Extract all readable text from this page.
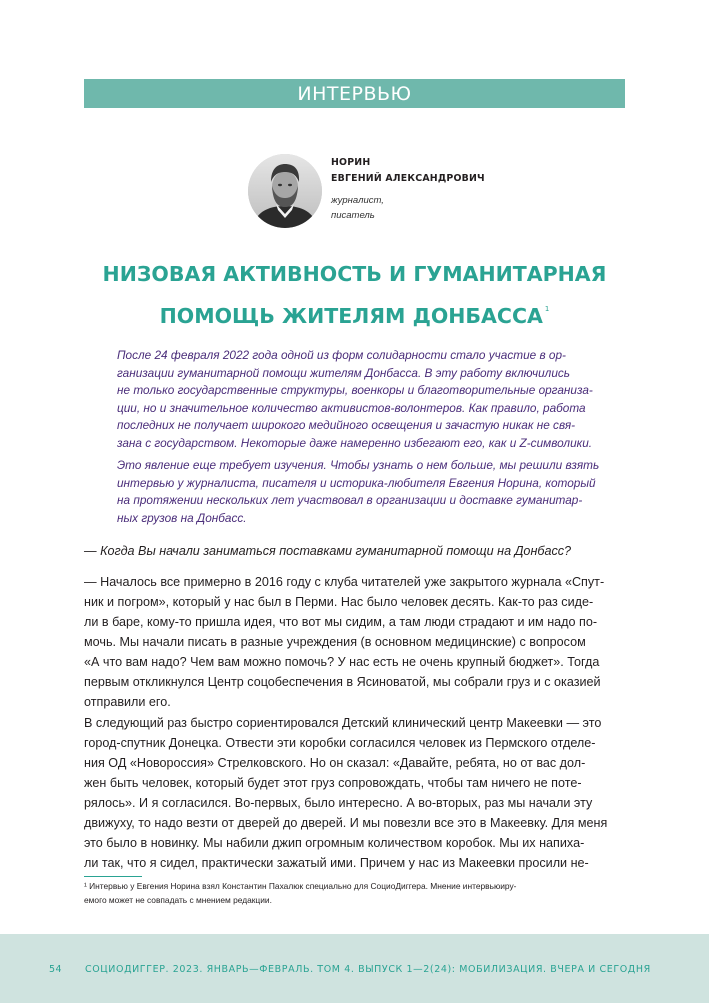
ИНТЕРВЬЮ
НОРИН
ЕВГЕНИЙ АЛЕКСАНДРОВИЧ
журналист,
писатель
НИЗОВАЯ АКТИВНОСТЬ И ГУМАНИТАРНАЯ
ПОМОЩЬ ЖИТЕЛЯМ ДОНБАССА $^1$
После 24 февраля 2022 года одной из форм солидарности стало участие в ор-
ганизации гуманитарной помощи жителям Донбасса. В эту работу включились
не только государственные структуры, военкоры и благотворительные организа-
ции, но и значительное количество активистов-волонтеров. Как правило, работа
последних не получает широкого медийного освещения и зачастую никак не свя-
зана с государством. Некоторые даже намеренно избегают его, как и Z-символики.
Это явление еще требует изучения. Чтобы узнать о нем больше, мы решили взять
интервью у журналиста, писателя и историка-любителя Евгения Норина, который
на протяжении нескольких лет участвовал в организации и доставке гуманитар-
ных грузов на Донбасс.

— Когда Вы начали заниматься поставками гуманитарной помощи на Донбасс?

— Началось все примерно в 2016 году с клуба читателей уже закрытого журнала «Спут-
ник и погром», который у нас был в Перми. Нас было человек десять. Как-то раз сиде-
ли в баре, кому-то пришла идея, что вот мы сидим, а там люди страдают и им надо по-
мочь. Мы начали писать в разные учреждения (в основном медицинские) с вопросом
«А что вам надо? Чем вам можно помочь? У нас есть не очень крупный бюджет». Тогда
первым откликнулся Центр соцобеспечения в Ясиноватой, мы собрали груз и с оказией
отправили его.
В следующий раз быстро сориентировался Детский клинический центр Макеевки — это
город-спутник Донецка. Отвести эти коробки согласился человек из Пермского отделе-
ния ОД «Новороссия» Стрелковского. Но он сказал: «Давайте, ребята, но от вас дол-
жен быть человек, который будет этот груз сопровождать, чтобы там ничего не поте-
рялось». И я согласился. Во-первых, было интересно. А во-вторых, раз мы начали эту
движуху, то надо везти от дверей до дверей. И мы повезли все это в Макеевку. Для меня
это было в новинку. Мы набили джип огромным количеством коробок. Мы их напиха-
ли так, что я сидел, практически зажатый ими. Причем у нас из Макеевки просили не-
¹ Интервью у Евгения Норина взял Константин Пахалюк специально для СоциоДиггера. Мнение интервьюиру-
емого может не совпадать с мнением редакции.
54 СОЦИОДИГГЕР. 2023. ЯНВАРЬ—ФЕВРАЛЬ. ТОМ 4. ВЫПУСК 1—2(24): МОБИЛИЗАЦИЯ. ВЧЕРА И СЕГОДНЯ
